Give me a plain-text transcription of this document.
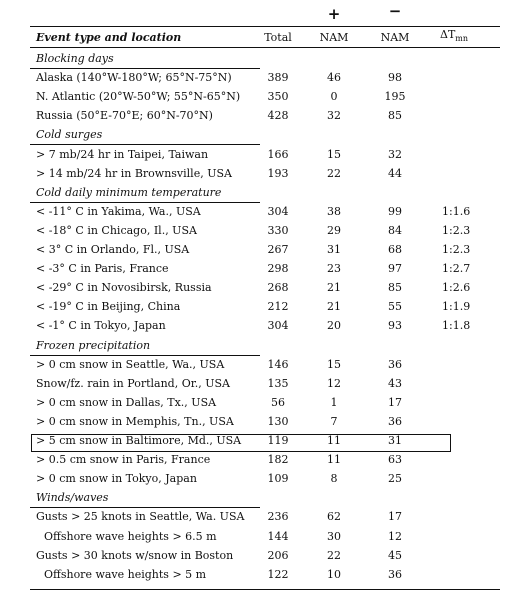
+	−
Event type and location	Total	NAM	NAM	$\Delta T_{mn}$
Blocking days
Alaska (140°W-180°W; 65°N-75°N)	389	46	98
N. Atlantic (20°W-50°W; 55°N-65°N)	350	0	195
Russia (50°E-70°E; 60°N-70°N)	428	32	85
Cold surges
> 7 mb/24 hr in Taipei, Taiwan	166	15	32
> 14 mb/24 hr in Brownsville, USA	193	22	44
Cold daily minimum temperature
< -11° C in Yakima, Wa., USA	304	38	99	1:1.6
< -18° C in Chicago, Il., USA	330	29	84	1:2.3
< 3° C in Orlando, Fl., USA	267	31	68	1:2.3
< -3° C in Paris, France	298	23	97	1:2.7
< -29° C in Novosibirsk, Russia	268	21	85	1:2.6
< -19° C in Beijing, China	212	21	55	1:1.9
< -1° C in Tokyo, Japan	304	20	93	1:1.8
Frozen precipitation
> 0 cm snow in Seattle, Wa., USA	146	15	36
Snow/fz. rain in Portland, Or., USA	135	12	43
> 0 cm snow in Dallas, Tx., USA	56	1	17
> 0 cm snow in Memphis, Tn., USA	130	7	36
> 5 cm snow in Baltimore, Md., USA	119	11	31
> 0.5 cm snow in Paris, France	182	11	63
> 0 cm snow in Tokyo, Japan	109	8	25
Winds/waves
Gusts > 25 knots in Seattle, Wa. USA	236	62	17
Offshore wave heights > 6.5 m	144	30	12
Gusts > 30 knots w/snow in Boston	206	22	45
Offshore wave heights > 5 m	122	10	36
